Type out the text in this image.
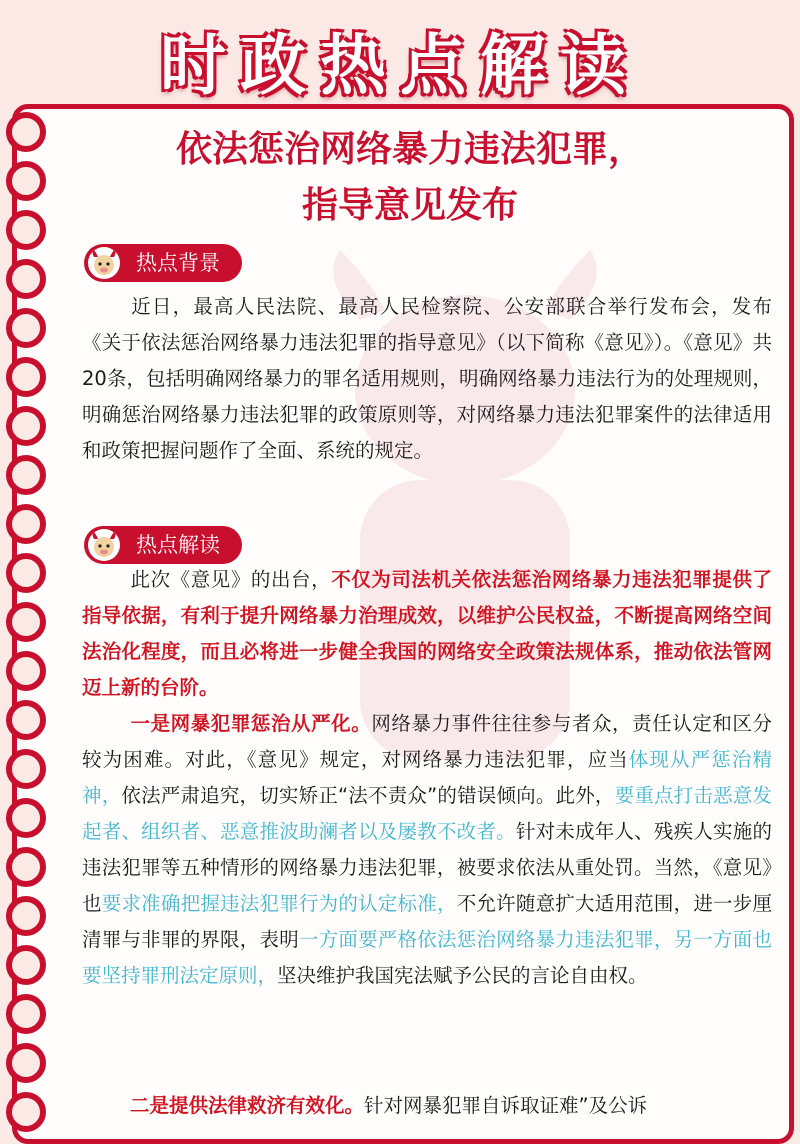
时政热点解读
依法惩治网络暴力违法犯罪，
指导意见发布
热点背景
近日，最高人民法院、最高人民检察院、公安部联合举行发布会，发布《关于依法惩治网络暴力违法犯罪的指导意见》（以下简称《意见》）。《意见》共20条，包括明确网络暴力的罪名适用规则，明确网络暴力违法行为的处理规则，明确惩治网络暴力违法犯罪的政策原则等，对网络暴力违法犯罪案件的法律适用和政策把握问题作了全面、系统的规定。
热点解读
此次《意见》的出台，不仅为司法机关依法惩治网络暴力违法犯罪提供了指导依据，有利于提升网络暴力治理成效，以维护公民权益，不断提高网络空间法治化程度，而且必将进一步健全我国的网络安全政策法规体系，推动依法管网迈上新的台阶。
一是网暴犯罪惩治从严化。网络暴力事件往往参与者众，责任认定和区分较为困难。对此，《意见》规定，对网络暴力违法犯罪，应当体现从严惩治精神，依法严肃追究，切实矫正“法不责众”的错误倾向。此外，要重点打击恶意发起者、组织者、恶意推波助澜者以及屡教不改者。针对未成年人、残疾人实施的违法犯罪等五种情形的网络暴力违法犯罪，被要求依法从重处罚。当然，《意见》也要求准确把握违法犯罪行为的认定标准，不允许随意扩大适用范围，进一步厘清罪与非罪的界限，表明一方面要严格依法惩治网络暴力违法犯罪，另一方面也要坚持罪刑法定原则，坚决维护我国宪法赋予公民的言论自由权。
二是提供法律救济有效化。针对网暴犯罪自诉取证难”及公诉
